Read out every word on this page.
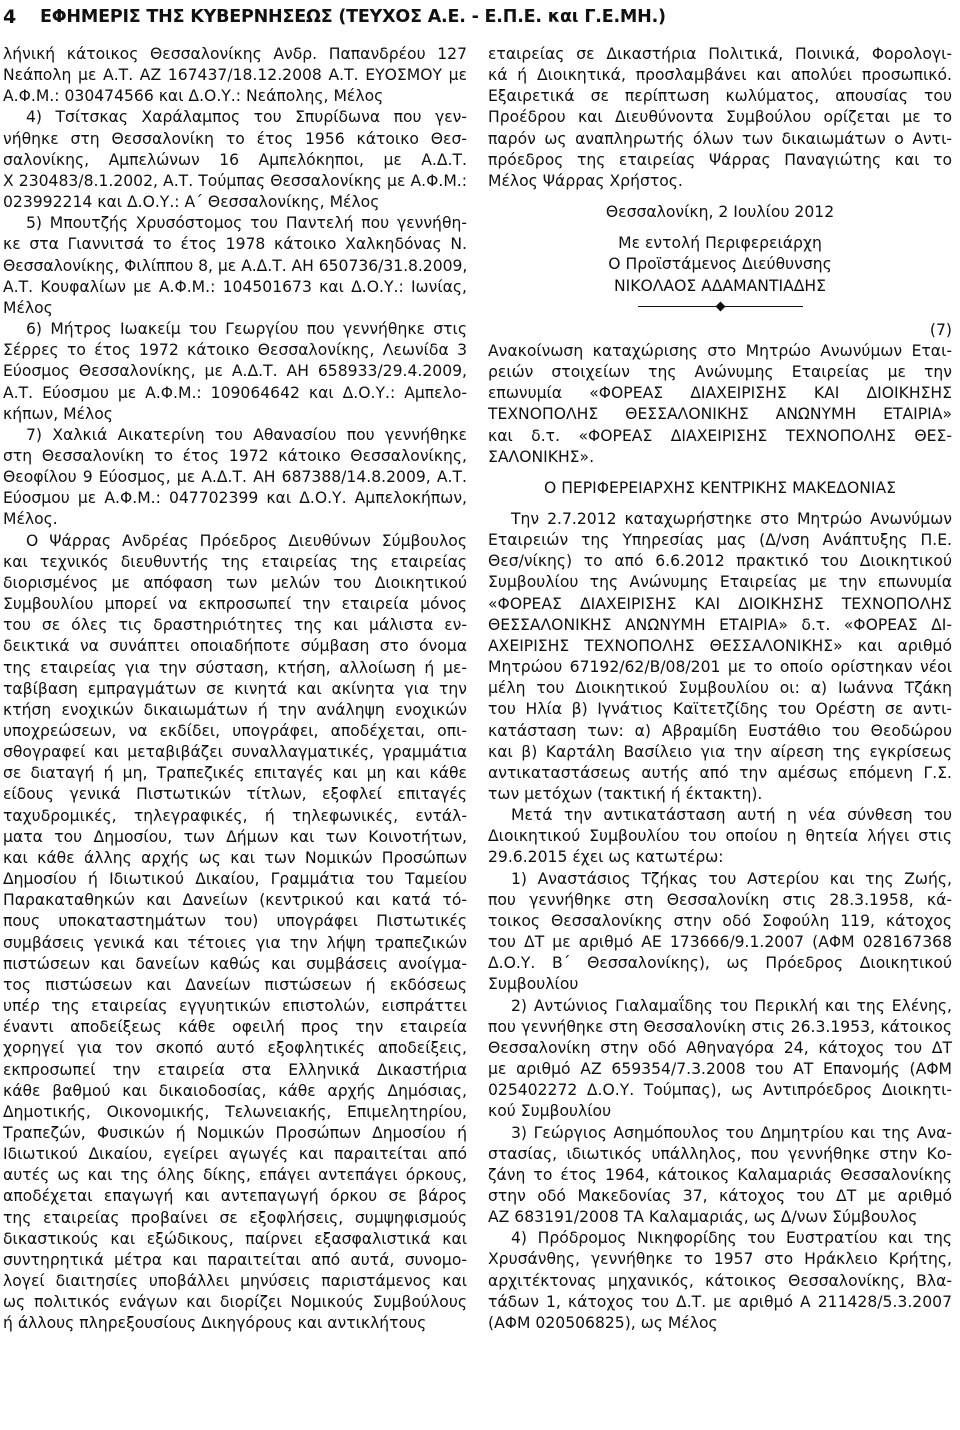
4 ΕΦΗΜΕΡΙΣ ΤΗΣ ΚΥΒΕΡΝΗΣΕΩΣ (ΤΕΥΧΟΣ Α.Ε. - Ε.Π.Ε. και Γ.Ε.ΜΗ.)
λήνική κάτοικος Θεσσαλονίκης Ανδρ. Παπανδρέου 127
Νεάπολη με Α.Τ. ΑΖ 167437/18.12.2008 Α.Τ. ΕΥΟΣΜΟΥ με
Α.Φ.Μ.: 030474566 και Δ.Ο.Υ.: Νεάπολης, Μέλος
4) Τσίτσκας Χαράλαμπος του Σπυρίδωνα που γεν-
νήθηκε στη Θεσσαλονίκη το έτος 1956 κάτοικο Θεσ-
σαλονίκης, Αμπελώνων 16 Αμπελόκηποι, με Α.Δ.Τ.
Χ 230483/8.1.2002, Α.Τ. Τούμπας Θεσσαλονίκης με Α.Φ.Μ.:
023992214 και Δ.Ο.Υ.: Α΄ Θεσσαλονίκης, Μέλος
5) Μπουτζής Χρυσόστομος του Παντελή που γεννήθη-
κε στα Γιαννιτσά το έτος 1978 κάτοικο Χαλκηδόνας Ν.
Θεσσαλονίκης, Φιλίππου 8, με Α.Δ.Τ. ΑΗ 650736/31.8.2009,
Α.Τ. Κουφαλίων με Α.Φ.Μ.: 104501673 και Δ.Ο.Υ.: Ιωνίας,
Μέλος
6) Μήτρος Ιωακείμ του Γεωργίου που γεννήθηκε στις
Σέρρες το έτος 1972 κάτοικο Θεσσαλονίκης, Λεωνίδα 3
Εύοσμος Θεσσαλονίκης, με Α.Δ.Τ. ΑΗ 658933/29.4.2009,
Α.Τ. Εύοσμου με Α.Φ.Μ.: 109064642 και Δ.Ο.Υ.: Αμπελο-
κήπων, Μέλος
7) Χαλκιά Αικατερίνη του Αθανασίου που γεννήθηκε
στη Θεσσαλονίκη το έτος 1972 κάτοικο Θεσσαλονίκης,
Θεοφίλου 9 Εύοσμος, με Α.Δ.Τ. ΑΗ 687388/14.8.2009, Α.Τ.
Εύοσμου με Α.Φ.Μ.: 047702399 και Δ.Ο.Υ. Αμπελοκήπων,
Μέλος.
Ο Ψάρρας Ανδρέας Πρόεδρος Διευθύνων Σύμβουλος
και τεχνικός διευθυντής της εταιρείας της εταιρείας
διορισμένος με απόφαση των μελών του Διοικητικού
Συμβουλίου μπορεί να εκπροσωπεί την εταιρεία μόνος
του σε όλες τις δραστηριότητες της και μάλιστα εν-
δεικτικά να συνάπτει οποιαδήποτε σύμβαση στο όνομα
της εταιρείας για την σύσταση, κτήση, αλλοίωση ή με-
ταβίβαση εμπραγμάτων σε κινητά και ακίνητα για την
κτήση ενοχικών δικαιωμάτων ή την ανάληψη ενοχικών
υποχρεώσεων, να εκδίδει, υπογράφει, αποδέχεται, οπι-
σθογραφεί και μεταβιβάζει συναλλαγματικές, γραμμάτια
σε διαταγή ή μη, Τραπεζικές επιταγές και μη και κάθε
είδους γενικά Πιστωτικών τίτλων, εξοφλεί επιταγές
ταχυδρομικές, τηλεγραφικές, ή τηλεφωνικές, εντάλ-
ματα του Δημοσίου, των Δήμων και των Κοινοτήτων,
και κάθε άλλης αρχής ως και των Νομικών Προσώπων
Δημοσίου ή Ιδιωτικού Δικαίου, Γραμμάτια του Ταμείου
Παρακαταθηκών και Δανείων (κεντρικού και κατά τό-
πους υποκαταστημάτων του) υπογράφει Πιστωτικές
συμβάσεις γενικά και τέτοιες για την λήψη τραπεζικών
πιστώσεων και δανείων καθώς και συμβάσεις ανοίγμα-
τος πιστώσεων και Δανείων πιστώσεων ή εκδόσεως
υπέρ της εταιρείας εγγυητικών επιστολών, εισπράττει
έναντι αποδείξεως κάθε οφειλή προς την εταιρεία
χορηγεί για τον σκοπό αυτό εξοφλητικές αποδείξεις,
εκπροσωπεί την εταιρεία στα Ελληνικά Δικαστήρια
κάθε βαθμού και δικαιοδοσίας, κάθε αρχής Δημόσιας,
Δημοτικής, Οικονομικής, Τελωνειακής, Επιμελητηρίου,
Τραπεζών, Φυσικών ή Νομικών Προσώπων Δημοσίου ή
Ιδιωτικού Δικαίου, εγείρει αγωγές και παραιτείται από
αυτές ως και της όλης δίκης, επάγει αντεπάγει όρκους,
αποδέχεται επαγωγή και αντεπαγωγή όρκου σε βάρος
της εταιρείας προβαίνει σε εξοφλήσεις, συμψηφισμούς
δικαστικούς και εξώδικους, παίρνει εξασφαλιστικά και
συντηρητικά μέτρα και παραιτείται από αυτά, συνομο-
λογεί διαιτησίες υποβάλλει μηνύσεις παριστάμενος και
ως πολιτικός ενάγων και διορίζει Νομικούς Συμβούλους
ή άλλους πληρεξουσίους Δικηγόρους και αντικλήτους
εταιρείας σε Δικαστήρια Πολιτικά, Ποινικά, Φορολογι-
κά ή Διοικητικά, προσλαμβάνει και απολύει προσωπικό.
Εξαιρετικά σε περίπτωση κωλύματος, απουσίας του
Προέδρου και Διευθύνοντα Συμβούλου ορίζεται με το
παρόν ως αναπληρωτής όλων των δικαιωμάτων ο Αντι-
πρόεδρος της εταιρείας Ψάρρας Παναγιώτης και το
Μέλος Ψάρρας Χρήστος.

Θεσσαλονίκη, 2 Ιουλίου 2012

Με εντολή Περιφερειάρχη
Ο Προϊστάμενος Διεύθυνσης
ΝΙΚΟΛΑΟΣ ΑΔΑΜΑΝΤΙΑΔΗΣ

(7)

Ανακοίνωση καταχώρισης στο Μητρώο Ανωνύμων Εται-
ρειών στοιχείων της Ανώνυμης Εταιρείας με την
επωνυμία «ΦΟΡΕΑΣ ΔΙΑΧΕΙΡΙΣΗΣ ΚΑΙ ΔΙΟΙΚΗΣΗΣ
ΤΕΧΝΟΠΟΛΗΣ ΘΕΣΣΑΛΟΝΙΚΗΣ ΑΝΩΝΥΜΗ ΕΤΑΙΡΙΑ»
και δ.τ. «ΦΟΡΕΑΣ ΔΙΑΧΕΙΡΙΣΗΣ ΤΕΧΝΟΠΟΛΗΣ ΘΕΣ-
ΣΑΛΟΝΙΚΗΣ».

Ο ΠΕΡΙΦΕΡΕΙΑΡΧΗΣ ΚΕΝΤΡΙΚΗΣ ΜΑΚΕΔΟΝΙΑΣ

Την 2.7.2012 καταχωρήστηκε στο Μητρώο Ανωνύμων
Εταιρειών της Υπηρεσίας μας (Δ/νση Ανάπτυξης Π.Ε.
Θεσ/νίκης) το από 6.6.2012 πρακτικό του Διοικητικού
Συμβουλίου της Ανώνυμης Εταιρείας με την επωνυμία
«ΦΟΡΕΑΣ ΔΙΑΧΕΙΡΙΣΗΣ ΚΑΙ ΔΙΟΙΚΗΣΗΣ ΤΕΧΝΟΠΟΛΗΣ
ΘΕΣΣΑΛΟΝΙΚΗΣ ΑΝΩΝΥΜΗ ΕΤΑΙΡΙΑ» δ.τ. «ΦΟΡΕΑΣ ΔΙ-
ΑΧΕΙΡΙΣΗΣ ΤΕΧΝΟΠΟΛΗΣ ΘΕΣΣΑΛΟΝΙΚΗΣ» και αριθμό
Μητρώου 67192/62/Β/08/201 με το οποίο ορίστηκαν νέοι
μέλη του Διοικητικού Συμβουλίου οι: α) Ιωάννα Τζάκη
του Ηλία β) Ιγνάτιος Καϊτετζίδης του Ορέστη σε αντι-
κατάσταση των: α) Αβραμίδη Ευστάθιο του Θεοδώρου
και β) Καρτάλη Βασίλειο για την αίρεση της εγκρίσεως
αντικαταστάσεως αυτής από την αμέσως επόμενη Γ.Σ.
των μετόχων (τακτική ή έκτακτη).
Μετά την αντικατάσταση αυτή η νέα σύνθεση του
Διοικητικού Συμβουλίου του οποίου η θητεία λήγει στις
29.6.2015 έχει ως κατωτέρω:
1) Αναστάσιος Τζήκας του Αστερίου και της Ζωής,
που γεννήθηκε στη Θεσσαλονίκη στις 28.3.1958, κά-
τοικος Θεσσαλονίκης στην οδό Σοφούλη 119, κάτοχος
του ΔΤ με αριθμό ΑΕ 173666/9.1.2007 (ΑΦΜ 028167368
Δ.Ο.Υ. Β΄ Θεσσαλονίκης), ως Πρόεδρος Διοικητικού
Συμβουλίου
2) Αντώνιος Γιαλαμαΐδης του Περικλή και της Ελένης,
που γεννήθηκε στη Θεσσαλονίκη στις 26.3.1953, κάτοικος
Θεσσαλονίκη στην οδό Αθηναγόρα 24, κάτοχος του ΔΤ
με αριθμό ΑΖ 659354/7.3.2008 του ΑΤ Επανομής (ΑΦΜ
025402272 Δ.Ο.Υ. Τούμπας), ως Αντιπρόεδρος Διοικητι-
κού Συμβουλίου
3) Γεώργιος Ασημόπουλος του Δημητρίου και της Ανα-
στασίας, ιδιωτικός υπάλληλος, που γεννήθηκε στην Κο-
ζάνη το έτος 1964, κάτοικος Καλαμαριάς Θεσσαλονίκης
στην οδό Μακεδονίας 37, κάτοχος του ΔΤ με αριθμό
ΑΖ 683191/2008 ΤΑ Καλαμαριάς, ως Δ/νων Σύμβουλος
4) Πρόδρομος Νικηφορίδης του Ευστρατίου και της
Χρυσάνθης, γεννήθηκε το 1957 στο Ηράκλειο Κρήτης,
αρχιτέκτονας μηχανικός, κάτοικος Θεσσαλονίκης, Βλα-
τάδων 1, κάτοχος του Δ.Τ. με αριθμό Α 211428/5.3.2007
(ΑΦΜ 020506825), ως Μέλος
